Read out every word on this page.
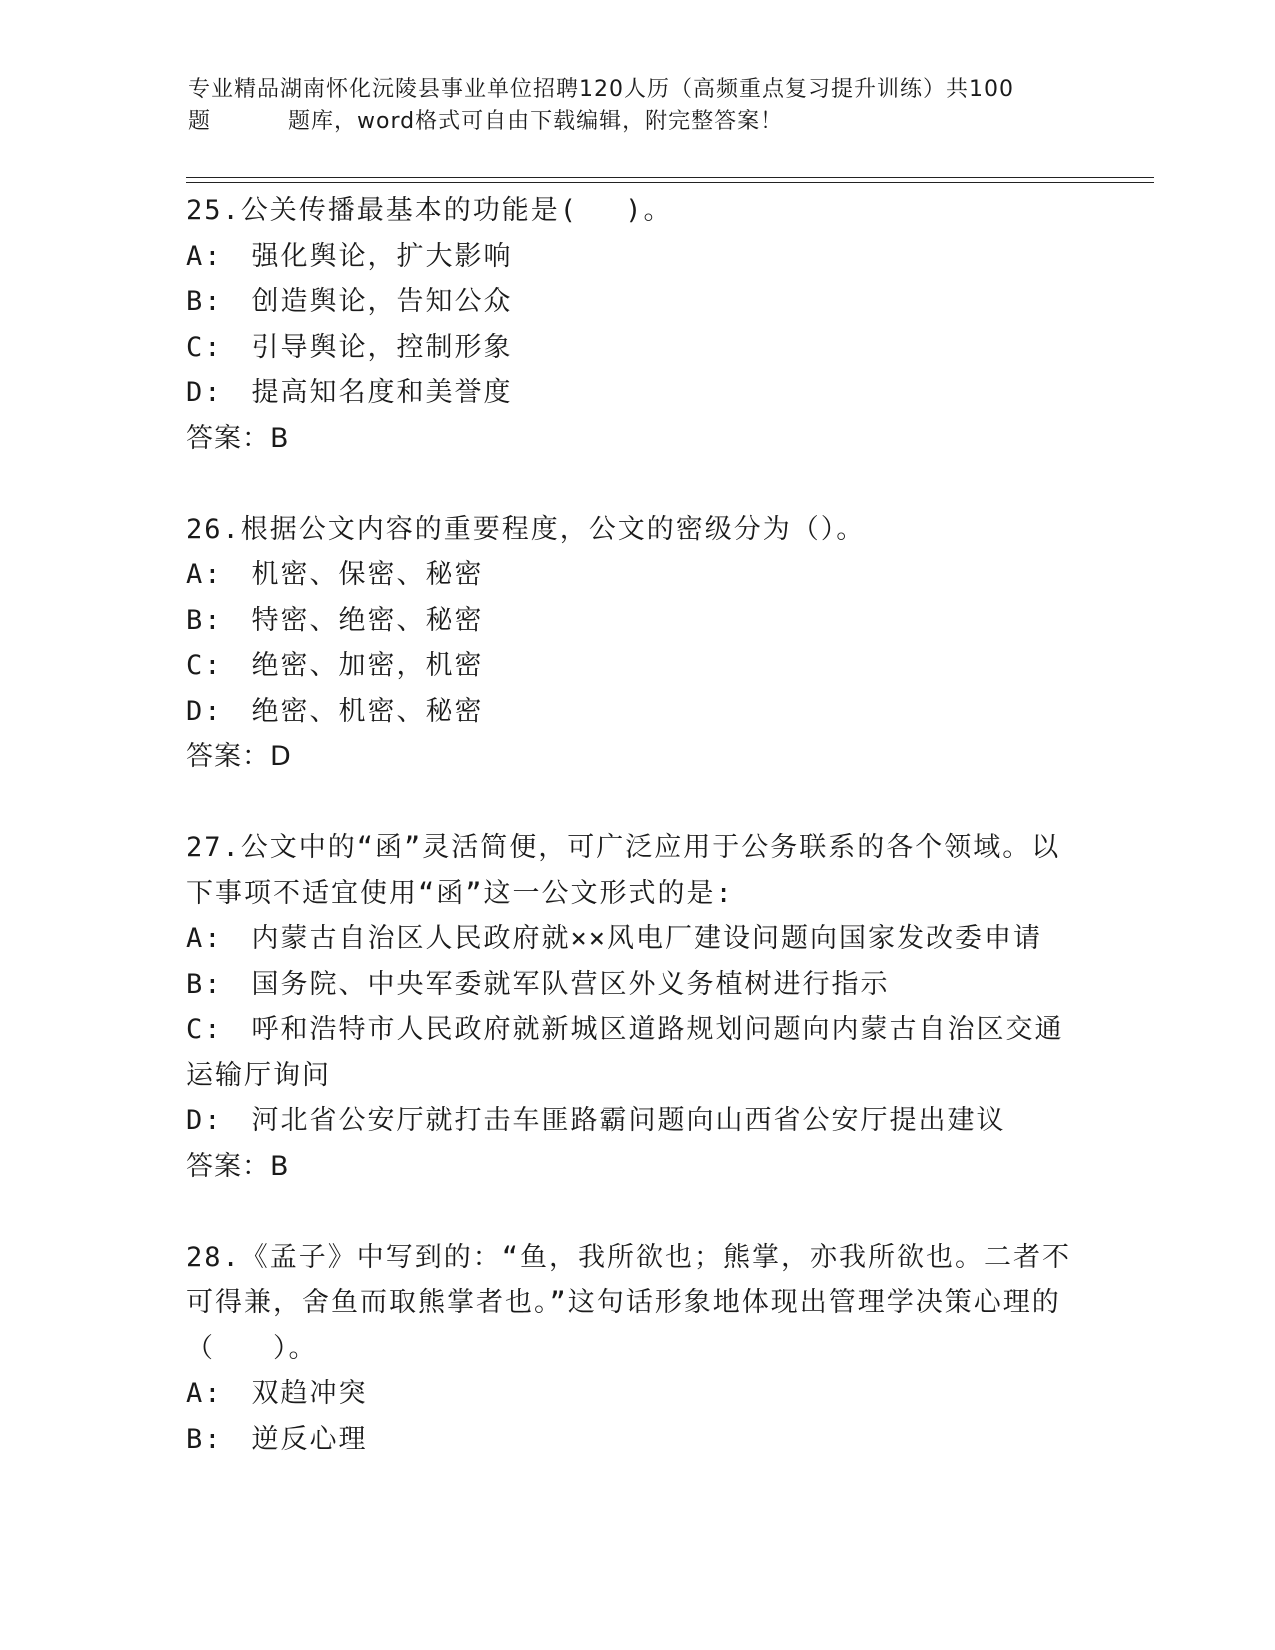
专业精品湖南怀化沅陵县事业单位招聘120人历（高频重点复习提升训练）共100
题	题库，word格式可自由下载编辑，附完整答案！
25.公关传播最基本的功能是(　 )。
A:　强化舆论，扩大影响
B:　创造舆论，告知公众
C:　引导舆论，控制形象
D:　提高知名度和美誉度
答案：B
26.根据公文内容的重要程度，公文的密级分为（）。
A:　机密、保密、秘密
B:　特密、绝密、秘密
C:　绝密、加密，机密
D:　绝密、机密、秘密
答案：D
27.公文中的“函”灵活简便，可广泛应用于公务联系的各个领域。以下事项不适宜使用“函”这一公文形式的是:
A:　内蒙古自治区人民政府就××风电厂建设问题向国家发改委申请
B:　国务院、中央军委就军队营区外义务植树进行指示
C:　呼和浩特市人民政府就新城区道路规划问题向内蒙古自治区交通运输厅询问
D:　河北省公安厅就打击车匪路霸问题向山西省公安厅提出建议
答案：B
28.《孟子》中写到的：“鱼，我所欲也；熊掌，亦我所欲也。二者不可得兼，舍鱼而取熊掌者也。”这句话形象地体现出管理学决策心理的（　　）。
A:　双趋冲突
B:　逆反心理
